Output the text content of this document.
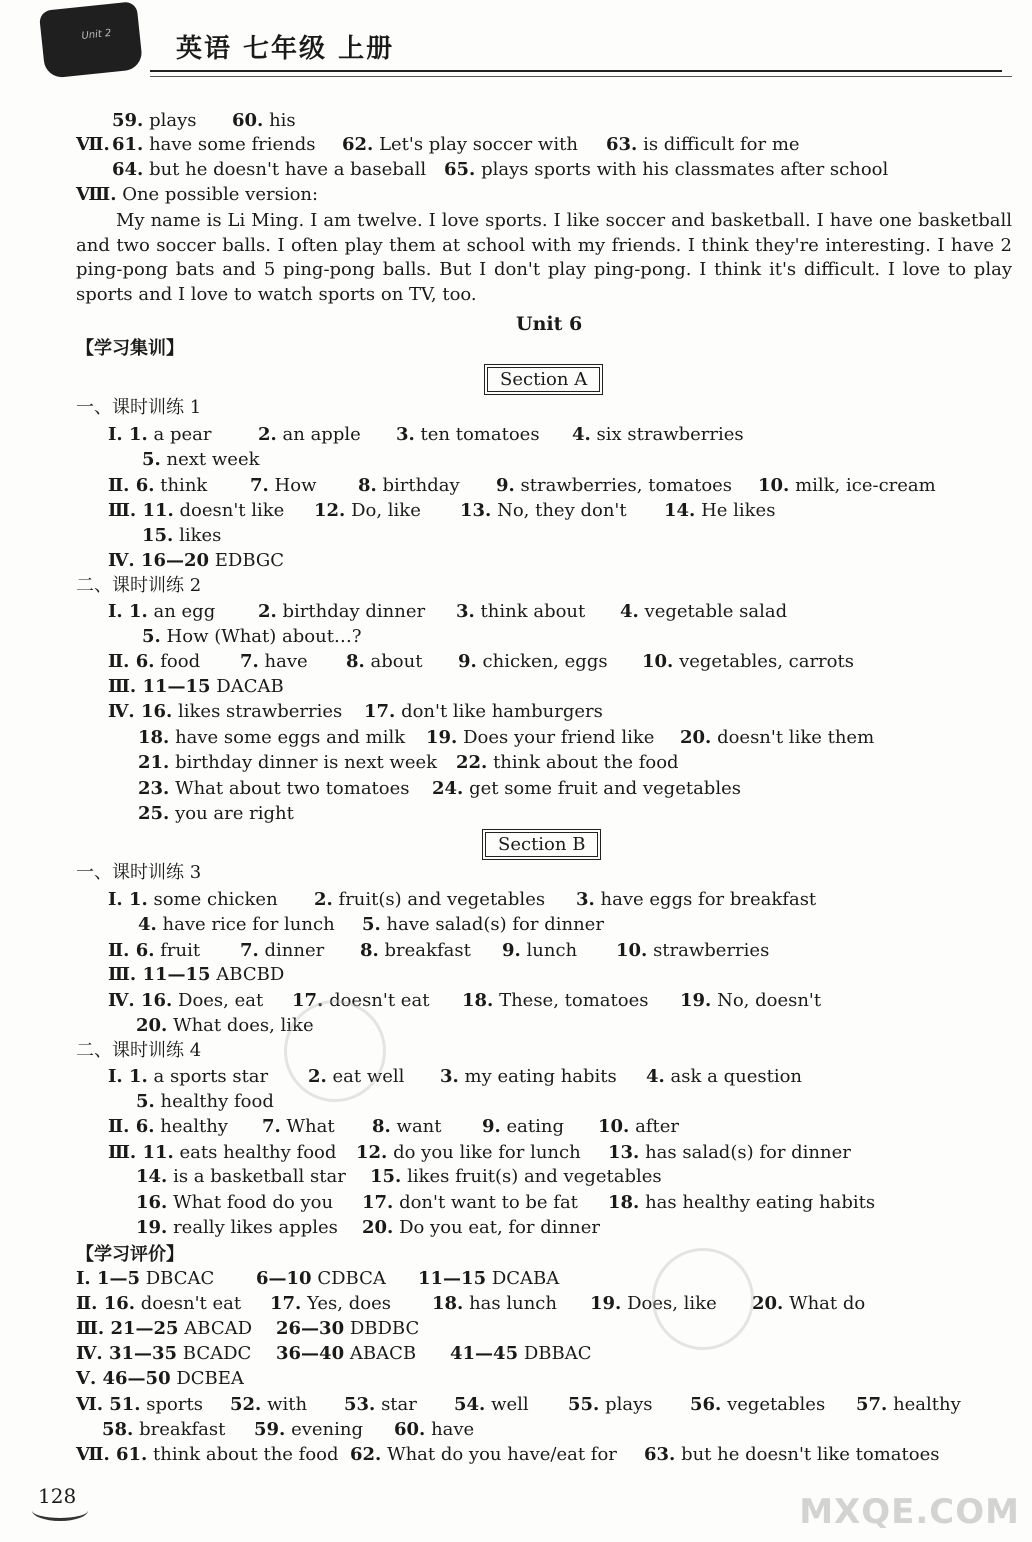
Unit 2 英语 七年级 上册
59. plays 60. his
Ⅶ. 61. have some friends 62. Let's play soccer with 63. is difficult for me
64. but he doesn't have a baseball 65. plays sports with his classmates after school
Ⅷ. One possible version:
Unit 6
一、课时训练 1
Ⅰ. 1. a pear	2. an apple 3. ten tomatoes 4. six strawberries
5. next week
Ⅱ. 6. think 7. How 8. birthday 9. strawberries, tomatoes 10. milk, ice-cream
Ⅲ. 11. doesn't like 12. Do, like 13. No, they don't 14. He likes
15. likes
Ⅳ. 16—20 EDBGC
二、课时训练 2
Ⅰ. 1. an egg 2. birthday dinner 3. think about 4. vegetable salad
5. How (What) about…?
Ⅱ. 6. food 7. have 8. about 9. chicken, eggs 10. vegetables, carrots
Ⅲ. 11—15 DACAB
Ⅳ. 16. likes strawberries 17. don't like hamburgers
18. have some eggs and milk 19. Does your friend like 20. doesn't like them
21. birthday dinner is next week 22. think about the food
23. What about two tomatoes 24. get some fruit and vegetables
25. you are right
一、课时训练 3
Ⅰ. 1. some chicken 2. fruit(s) and vegetables 3. have eggs for breakfast
4. have rice for lunch 5. have salad(s) for dinner
Ⅱ. 6. fruit 7. dinner 8. breakfast 9. lunch 10. strawberries
Ⅲ. 11—15 ABCBD
Ⅳ. 16. Does, eat 17. doesn't eat 18. These, tomatoes 19. No, doesn't
20. What does, like
二、课时训练 4
Ⅰ. 1. a sports star 2. eat well 3. my eating habits 4. ask a question
5. healthy food
Ⅱ. 6. healthy 7. What 8. want 9. eating 10. after
Ⅲ. 11. eats healthy food 12. do you like for lunch 13. has salad(s) for dinner
14. is a basketball star 15. likes fruit(s) and vegetables
16. What food do you 17. don't want to be fat 18. has healthy eating habits
19. really likes apples 20. Do you eat, for dinner
Ⅰ. 1—5 DBCAC 6—10 CDBCA 11—15 DCABA
Ⅱ. 16. doesn't eat 17. Yes, does 18. has lunch 19. Does, like 20. What do
Ⅲ. 21—25 ABCAD 26—30 DBDBC
Ⅳ. 31—35 BCADC 36—40 ABACB 41—45 DBBAC
Ⅴ. 46—50 DCBEA
Ⅵ. 51. sports 52. with 53. star 54. well 55. plays 56. vegetables 57. healthy
58. breakfast 59. evening 60. have
Ⅶ. 61. think about the food 62. What do you have/eat for 63. but he doesn't like tomatoes
My name is Li Ming. I am twelve. I love sports. I like soccer and basketball. I have one basketball and two soccer balls. I often play them at school with my friends. I think they're interesting. I have 2 ping-pong bats and 5 ping-pong balls. But I don't play ping-pong. I think it's difficult. I love to play sports and I love to watch sports on TV, too.
【学习集训】
Section A
Section B
【学习评价】
128	MXQE.COM
